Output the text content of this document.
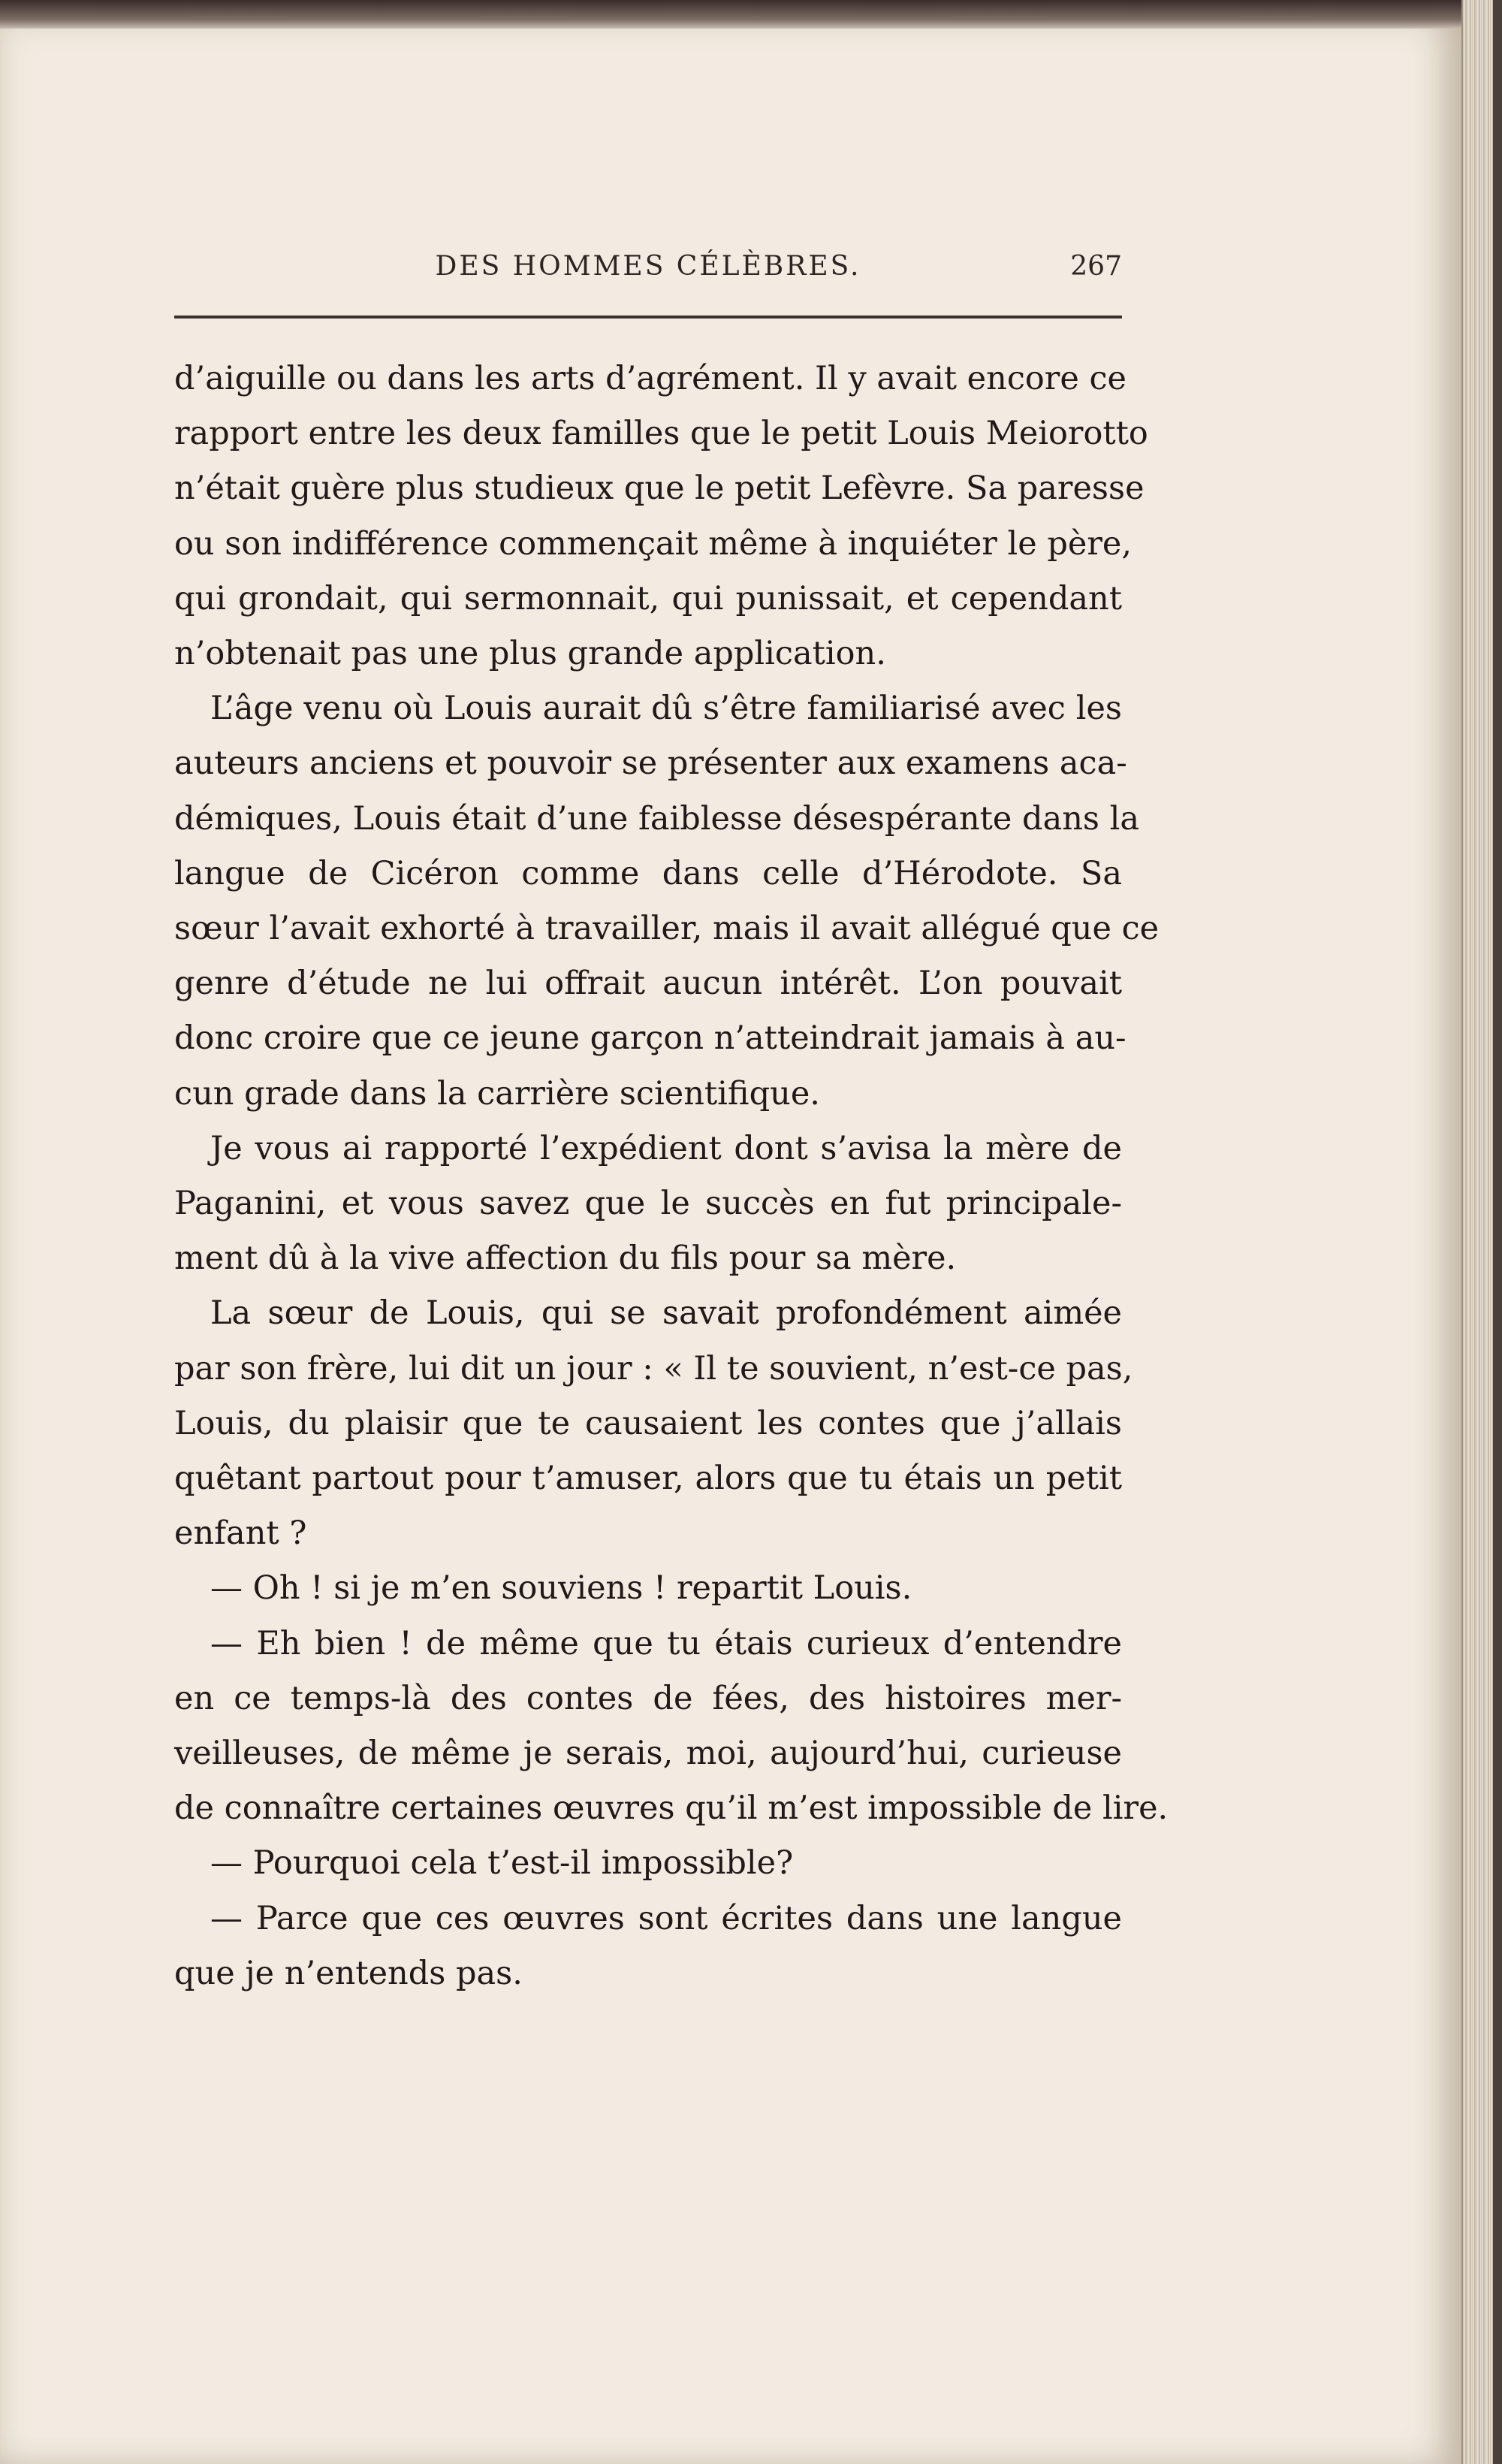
DES HOMMES CÉLÈBRES.	267
d’aiguille ou dans les arts d’agrément. Il y avait encore ce
rapport entre les deux familles que le petit Louis Meiorotto
n’était guère plus studieux que le petit Lefèvre. Sa paresse
ou son indifférence commençait même à inquiéter le père,
qui grondait, qui sermonnait, qui punissait, et cependant
n’obtenait pas une plus grande application.
L’âge venu où Louis aurait dû s’être familiarisé avec les
auteurs anciens et pouvoir se présenter aux examens aca-
démiques, Louis était d’une faiblesse désespérante dans la
langue de Cicéron comme dans celle d’Hérodote. Sa
sœur l’avait exhorté à travailler, mais il avait allégué que ce
genre d’étude ne lui offrait aucun intérêt. L’on pouvait
donc croire que ce jeune garçon n’atteindrait jamais à au-
cun grade dans la carrière scientifique.
Je vous ai rapporté l’expédient dont s’avisa la mère de
Paganini, et vous savez que le succès en fut principale-
ment dû à la vive affection du fils pour sa mère.
La sœur de Louis, qui se savait profondément aimée
par son frère, lui dit un jour : « Il te souvient, n’est-ce pas,
Louis, du plaisir que te causaient les contes que j’allais
quêtant partout pour t’amuser, alors que tu étais un petit
enfant ?
— Oh ! si je m’en souviens ! repartit Louis.
— Eh bien ! de même que tu étais curieux d’entendre
en ce temps-là des contes de fées, des histoires mer-
veilleuses, de même je serais, moi, aujourd’hui, curieuse
de connaître certaines œuvres qu’il m’est impossible de lire.
— Pourquoi cela t’est-il impossible?
— Parce que ces œuvres sont écrites dans une langue
que je n’entends pas.
